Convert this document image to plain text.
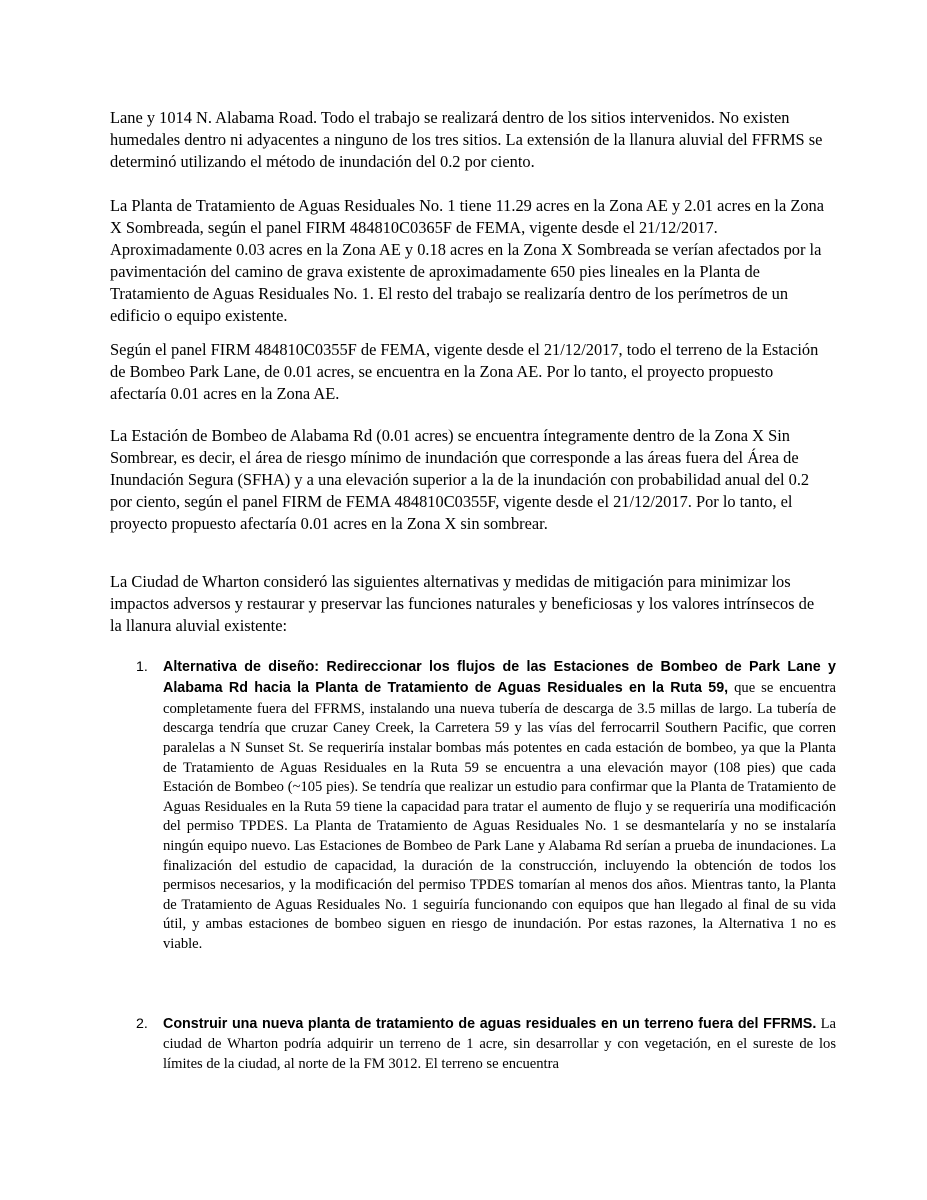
Lane y 1014 N. Alabama Road. Todo el trabajo se realizará dentro de los sitios intervenidos. No existen humedales dentro ni adyacentes a ninguno de los tres sitios. La extensión de la llanura aluvial del FFRMS se determinó utilizando el método de inundación del 0.2 por ciento.

La Planta de Tratamiento de Aguas Residuales No. 1 tiene 11.29 acres en la Zona AE y 2.01 acres en la Zona X Sombreada, según el panel FIRM 484810C0365F de FEMA, vigente desde el 21/12/2017. Aproximadamente 0.03 acres en la Zona AE y 0.18 acres en la Zona X Sombreada se verían afectados por la pavimentación del camino de grava existente de aproximadamente 650 pies lineales en la Planta de Tratamiento de Aguas Residuales No. 1. El resto del trabajo se realizaría dentro de los perímetros de un edificio o equipo existente.

Según el panel FIRM 484810C0355F de FEMA, vigente desde el 21/12/2017, todo el terreno de la Estación de Bombeo Park Lane, de 0.01 acres, se encuentra en la Zona AE. Por lo tanto, el proyecto propuesto afectaría 0.01 acres en la Zona AE.

La Estación de Bombeo de Alabama Rd (0.01 acres) se encuentra íntegramente dentro de la Zona X Sin Sombrear, es decir, el área de riesgo mínimo de inundación que corresponde a las áreas fuera del Área de Inundación Segura (SFHA) y a una elevación superior a la de la inundación con probabilidad anual del 0.2 por ciento, según el panel FIRM de FEMA 484810C0355F, vigente desde el 21/12/2017. Por lo tanto, el proyecto propuesto afectaría 0.01 acres en la Zona X sin sombrear.

La Ciudad de Wharton consideró las siguientes alternativas y medidas de mitigación para minimizar los impactos adversos y restaurar y preservar las funciones naturales y beneficiosas y los valores intrínsecos de la llanura aluvial existente:

1. Alternativa de diseño: Redireccionar los flujos de las Estaciones de Bombeo de Park Lane y Alabama Rd hacia la Planta de Tratamiento de Aguas Residuales en la Ruta 59, que se encuentra completamente fuera del FFRMS, instalando una nueva tubería de descarga de 3.5 millas de largo. La tubería de descarga tendría que cruzar Caney Creek, la Carretera 59 y las vías del ferrocarril Southern Pacific, que corren paralelas a N Sunset St. Se requeriría instalar bombas más potentes en cada estación de bombeo, ya que la Planta de Tratamiento de Aguas Residuales en la Ruta 59 se encuentra a una elevación mayor (108 pies) que cada Estación de Bombeo (~105 pies). Se tendría que realizar un estudio para confirmar que la Planta de Tratamiento de Aguas Residuales en la Ruta 59 tiene la capacidad para tratar el aumento de flujo y se requeriría una modificación del permiso TPDES. La Planta de Tratamiento de Aguas Residuales No. 1 se desmantelaría y no se instalaría ningún equipo nuevo. Las Estaciones de Bombeo de Park Lane y Alabama Rd serían a prueba de inundaciones. La finalización del estudio de capacidad, la duración de la construcción, incluyendo la obtención de todos los permisos necesarios, y la modificación del permiso TPDES tomarían al menos dos años. Mientras tanto, la Planta de Tratamiento de Aguas Residuales No. 1 seguiría funcionando con equipos que han llegado al final de su vida útil, y ambas estaciones de bombeo siguen en riesgo de inundación. Por estas razones, la Alternativa 1 no es viable.
2. Construir una nueva planta de tratamiento de aguas residuales en un terreno fuera del FFRMS. La ciudad de Wharton podría adquirir un terreno de 1 acre, sin desarrollar y con vegetación, en el sureste de los límites de la ciudad, al norte de la FM 3012. El terreno se encuentra
